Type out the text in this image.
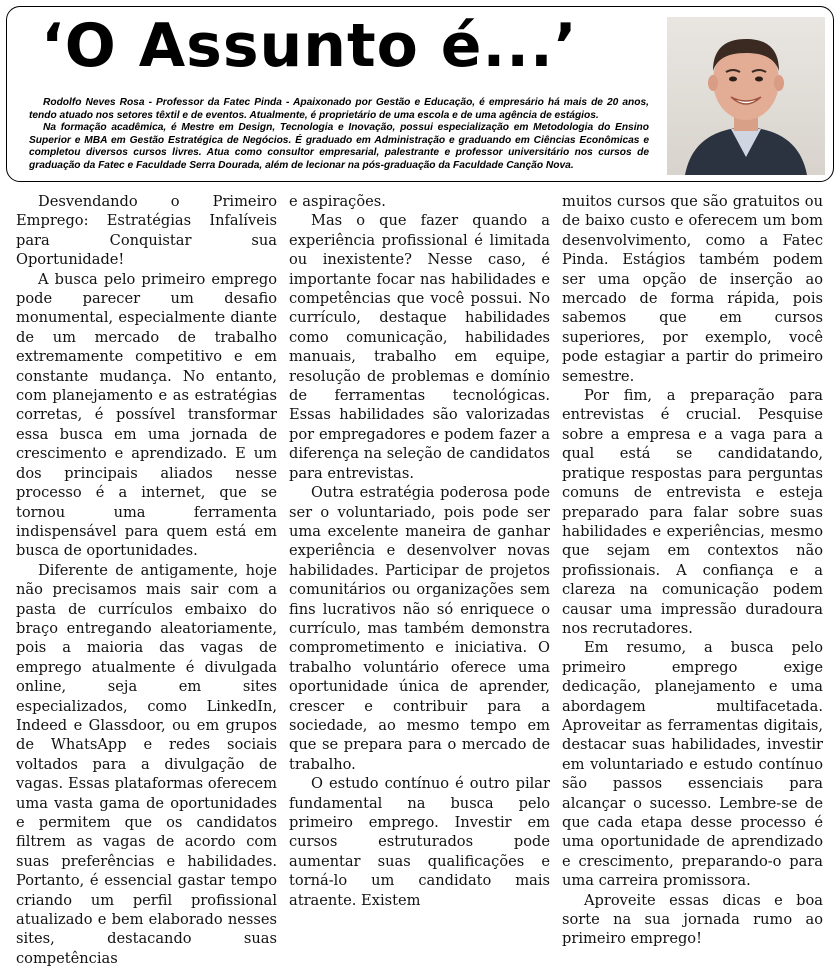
‘O Assunto é...’

Rodolfo Neves Rosa - Professor da Fatec Pinda - Apaixonado por Gestão e Educação, é empresário há mais de 20 anos, tendo atuado nos setores têxtil e de eventos. Atualmente, é proprietário de uma escola e de uma agência de estágios.

Na formação acadêmica, é Mestre em Design, Tecnologia e Inovação, possui especialização em Metodologia do Ensino Superior e MBA em Gestão Estratégica de Negócios. É graduado em Administração e graduando em Ciências Econômicas e completou diversos cursos livres. Atua como consultor empresarial, palestrante e professor universitário nos cursos de graduação da Fatec e Faculdade Serra Dourada, além de lecionar na pós-graduação da Faculdade Canção Nova.

Desvendando o Primeiro Emprego: Estratégias Infalíveis para Conquistar sua Oportunidade!

A busca pelo primeiro emprego pode parecer um desafio monumental, especialmente diante de um mercado de trabalho extremamente competitivo e em constante mudança. No entanto, com planejamento e as estratégias corretas, é possível transformar essa busca em uma jornada de crescimento e aprendizado. E um dos principais aliados nesse processo é a internet, que se tornou uma ferramenta indispensável para quem está em busca de oportunidades.

Diferente de antigamente, hoje não precisamos mais sair com a pasta de currículos embaixo do braço entregando aleatoriamente, pois a maioria das vagas de emprego atualmente é divulgada online, seja em sites especializados, como LinkedIn, Indeed e Glassdoor, ou em grupos de WhatsApp e redes sociais voltados para a divulgação de vagas. Essas plataformas oferecem uma vasta gama de oportunidades e permitem que os candidatos filtrem as vagas de acordo com suas preferências e habilidades. Portanto, é essencial gastar tempo criando um perfil profissional atualizado e bem elaborado nesses sites, destacando suas competências

e aspirações.

Mas o que fazer quando a experiência profissional é limitada ou inexistente? Nesse caso, é importante focar nas habilidades e competências que você possui. No currículo, destaque habilidades como comunicação, habilidades manuais, trabalho em equipe, resolução de problemas e domínio de ferramentas tecnológicas. Essas habilidades são valorizadas por empregadores e podem fazer a diferença na seleção de candidatos para entrevistas.

Outra estratégia poderosa pode ser o voluntariado, pois pode ser uma excelente maneira de ganhar experiência e desenvolver novas habilidades. Participar de projetos comunitários ou organizações sem fins lucrativos não só enriquece o currículo, mas também demonstra comprometimento e iniciativa. O trabalho voluntário oferece uma oportunidade única de aprender, crescer e contribuir para a sociedade, ao mesmo tempo em que se prepara para o mercado de trabalho.

O estudo contínuo é outro pilar fundamental na busca pelo primeiro emprego. Investir em cursos estruturados pode aumentar suas qualificações e torná-lo um candidato mais atraente. Existem

muitos cursos que são gratuitos ou de baixo custo e oferecem um bom desenvolvimento, como a Fatec Pinda. Estágios também podem ser uma opção de inserção ao mercado de forma rápida, pois sabemos que em cursos superiores, por exemplo, você pode estagiar a partir do primeiro semestre.

Por fim, a preparação para entrevistas é crucial. Pesquise sobre a empresa e a vaga para a qual está se candidatando, pratique respostas para perguntas comuns de entrevista e esteja preparado para falar sobre suas habilidades e experiências, mesmo que sejam em contextos não profissionais. A confiança e a clareza na comunicação podem causar uma impressão duradoura nos recrutadores.

Em resumo, a busca pelo primeiro emprego exige dedicação, planejamento e uma abordagem multifacetada. Aproveitar as ferramentas digitais, destacar suas habilidades, investir em voluntariado e estudo contínuo são passos essenciais para alcançar o sucesso. Lembre-se de que cada etapa desse processo é uma oportunidade de aprendizado e crescimento, preparando-o para uma carreira promissora.

Aproveite essas dicas e boa sorte na sua jornada rumo ao primeiro emprego!
